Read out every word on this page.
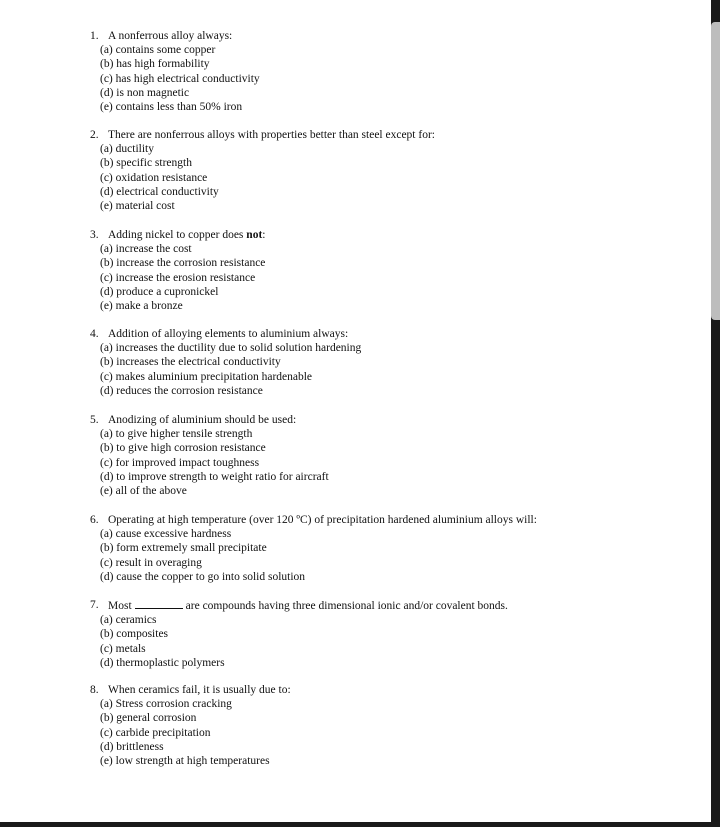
1. A nonferrous alloy always:
(a) contains some copper
(b) has high formability
(c) has high electrical conductivity
(d) is non magnetic
(e) contains less than 50% iron
2. There are nonferrous alloys with properties better than steel except for:
(a) ductility
(b) specific strength
(c) oxidation resistance
(d) electrical conductivity
(e) material cost
3. Adding nickel to copper does not:
(a) increase the cost
(b) increase the corrosion resistance
(c) increase the erosion resistance
(d) produce a cupronickel
(e) make a bronze
4. Addition of alloying elements to aluminium always:
(a) increases the ductility due to solid solution hardening
(b) increases the electrical conductivity
(c) makes aluminium precipitation hardenable
(d) reduces the corrosion resistance
5. Anodizing of aluminium should be used:
(a) to give higher tensile strength
(b) to give high corrosion resistance
(c) for improved impact toughness
(d) to improve strength to weight ratio for aircraft
(e) all of the above
6. Operating at high temperature (over 120 ºC) of precipitation hardened aluminium alloys will:
(a) cause excessive hardness
(b) form extremely small precipitate
(c) result in overaging
(d) cause the copper to go into solid solution
7. Most	are compounds having three dimensional ionic and/or covalent bonds.
(a) ceramics
(b) composites
(c) metals
(d) thermoplastic polymers
8. When ceramics fail, it is usually due to:
(a) Stress corrosion cracking
(b) general corrosion
(c) carbide precipitation
(d) brittleness
(e) low strength at high temperatures
